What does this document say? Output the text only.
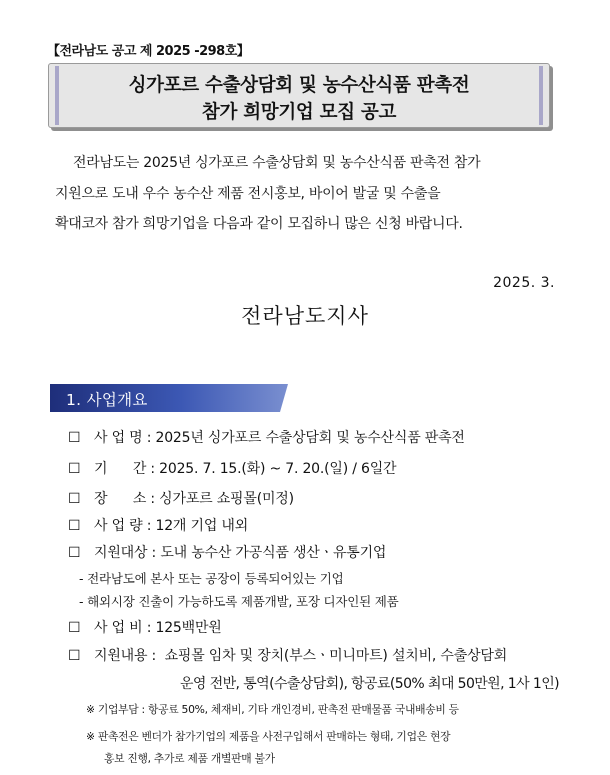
【전라남도 공고 제 2025 -298호】
싱가포르 수출상담회 및 농수산식품 판촉전
참가 희망기업 모집 공고
전라남도는 2025년 싱가포르 수출상담회 및 농수산식품 판촉전 참가
지원으로 도내 우수 농수산 제품 전시홍보, 바이어 발굴 및 수출을
확대코자 참가 희망기업을 다음과 같이 모집하니 많은 신청 바랍니다.
2025. 3.
전라남도지사
1. 사업개요
☐ 사 업 명 : 2025년 싱가포르 수출상담회 및 농수산식품 판촉전
☐ 기      간 : 2025. 7. 15.(화) ~ 7. 20.(일) / 6일간
☐ 장      소 : 싱가포르 쇼핑몰(미정)
☐ 사 업 량 : 12개 기업 내외
☐ 지원대상 : 도내 농수산 가공식품 생산ㆍ유통기업
- 전라남도에 본사 또는 공장이 등록되어있는 기업
- 해외시장 진출이 가능하도록 제품개발, 포장 디자인된 제품
☐ 사 업 비 : 125백만원
☐ 지원내용 :  쇼핑몰 임차 및 장치(부스ㆍ미니마트) 설치비, 수출상담회
운영 전반, 통역(수출상담회), 항공료(50% 최대 50만원, 1사 1인)
※ 기업부담 : 항공료 50%, 체재비, 기타 개인경비, 판촉전 판매물품 국내배송비 등
※ 판촉전은 벤더가 참가기업의 제품을 사전구입해서 판매하는 형태, 기업은 현장
홍보 진행, 추가로 제품 개별판매 불가
